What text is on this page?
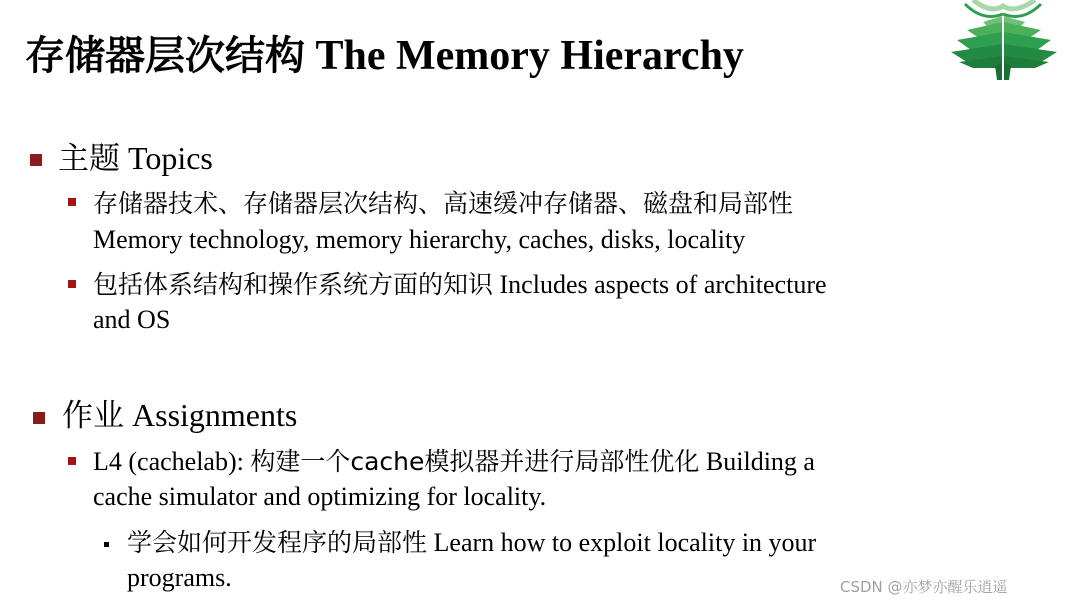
存储器层次结构 The Memory Hierarchy
主题 Topics
存储器技术、存储器层次结构、高速缓冲存储器、磁盘和局部性
Memory technology, memory hierarchy, caches, disks, locality
包括体系结构和操作系统方面的知识 Includes aspects of architecture
and OS
作业 Assignments
L4 (cachelab): 构建一个cache模拟器并进行局部性优化 Building a
cache simulator and optimizing for locality.
学会如何开发程序的局部性 Learn how to exploit locality in your
programs.	CSDN @亦梦亦醒乐逍遥
